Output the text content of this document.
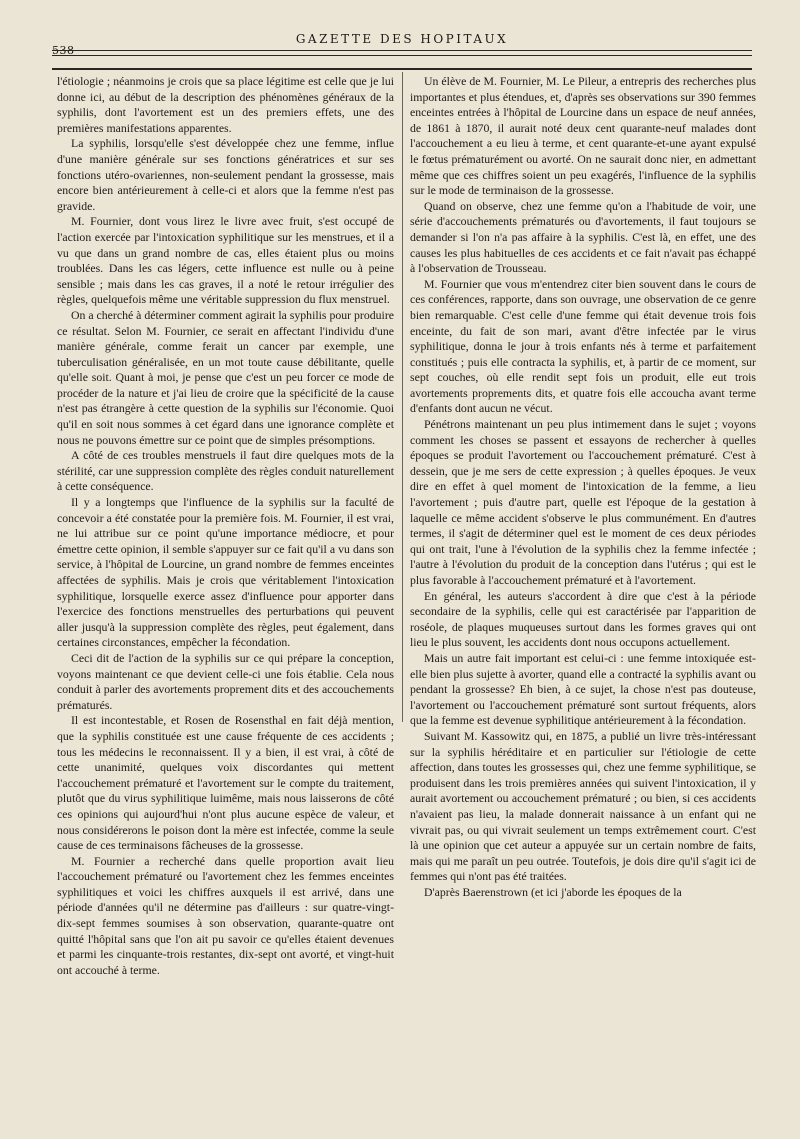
538
GAZETTE DES HOPITAUX

l'étiologie ; néanmoins je crois que sa place légitime est celle que je lui donne ici, au début de la description des phénomènes généraux de la syphilis, dont l'avortement est un des premiers effets, une des premières manifestations apparentes.

La syphilis, lorsqu'elle s'est développée chez une femme, influe d'une manière générale sur ses fonctions génératrices et sur ses fonctions utéro-ovariennes, non-seulement pendant la grossesse, mais encore bien antérieurement à celle-ci et alors que la femme n'est pas gravide.

M. Fournier, dont vous lirez le livre avec fruit, s'est occupé de l'action exercée par l'intoxication syphilitique sur les menstrues, et il a vu que dans un grand nombre de cas, elles étaient plus ou moins troublées. Dans les cas légers, cette influence est nulle ou à peine sensible ; mais dans les cas graves, il a noté le retour irrégulier des règles, quelquefois même une véritable suppression du flux menstruel.

On a cherché à déterminer comment agirait la syphilis pour produire ce résultat. Selon M. Fournier, ce serait en affectant l'individu d'une manière générale, comme ferait un cancer par exemple, une tuberculisation généralisée, en un mot toute cause débilitante, quelle qu'elle soit. Quant à moi, je pense que c'est un peu forcer ce mode de procéder de la nature et j'ai lieu de croire que la spécificité de la cause n'est pas étrangère à cette question de la syphilis sur l'économie. Quoi qu'il en soit nous sommes à cet égard dans une ignorance complète et nous ne pouvons émettre sur ce point que de simples présomptions.

A côté de ces troubles menstruels il faut dire quelques mots de la stérilité, car une suppression complète des règles conduit naturellement à cette conséquence.

Il y a longtemps que l'influence de la syphilis sur la faculté de concevoir a été constatée pour la première fois. M. Fournier, il est vrai, ne lui attribue sur ce point qu'une importance médiocre, et pour émettre cette opinion, il semble s'appuyer sur ce fait qu'il a vu dans son service, à l'hôpital de Lourcine, un grand nombre de femmes enceintes affectées de syphilis. Mais je crois que véritablement l'intoxication syphilitique, lorsquelle exerce assez d'influence pour apporter dans l'exercice des fonctions menstruelles des perturbations qui peuvent aller jusqu'à la suppression complète des règles, peut également, dans certaines circonstances, empêcher la fécondation.

Ceci dit de l'action de la syphilis sur ce qui prépare la conception, voyons maintenant ce que devient celle-ci une fois établie. Cela nous conduit à parler des avortements proprement dits et des accouchements prématurés.

Il est incontestable, et Rosen de Rosensthal en fait déjà mention, que la syphilis constituée est une cause fréquente de ces accidents ; tous les médecins le reconnaissent. Il y a bien, il est vrai, à côté de cette unanimité, quelques voix discordantes qui mettent l'accouchement prématuré et l'avortement sur le compte du traitement, plutôt que du virus syphilitique luimême, mais nous laisserons de côté ces opinions qui aujourd'hui n'ont plus aucune espèce de valeur, et nous considérerons le poison dont la mère est infectée, comme la seule cause de ces terminaisons fâcheuses de la grossesse.

M. Fournier a recherché dans quelle proportion avait lieu l'accouchement prématuré ou l'avortement chez les femmes enceintes syphilitiques et voici les chiffres auxquels il est arrivé, dans une période d'années qu'il ne détermine pas d'ailleurs : sur quatre-vingt-dix-sept femmes soumises à son observation, quarante-quatre ont quitté l'hôpital sans que l'on ait pu savoir ce qu'elles étaient devenues et parmi les cinquante-trois restantes, dix-sept ont avorté, et vingt-huit ont accouché à terme.

Un élève de M. Fournier, M. Le Pileur, a entrepris des recherches plus importantes et plus étendues, et, d'après ses observations sur 390 femmes enceintes entrées à l'hôpital de Lourcine dans un espace de neuf années, de 1861 à 1870, il aurait noté deux cent quarante-neuf malades dont l'accouchement a eu lieu à terme, et cent quarante-et-une ayant expulsé le fœtus prématurément ou avorté. On ne saurait donc nier, en admettant même que ces chiffres soient un peu exagérés, l'influence de la syphilis sur le mode de terminaison de la grossesse.

Quand on observe, chez une femme qu'on a l'habitude de voir, une série d'accouchements prématurés ou d'avortements, il faut toujours se demander si l'on n'a pas affaire à la syphilis. C'est là, en effet, une des causes les plus habituelles de ces accidents et ce fait n'avait pas échappé à l'observation de Trousseau.

M. Fournier que vous m'entendrez citer bien souvent dans le cours de ces conférences, rapporte, dans son ouvrage, une observation de ce genre bien remarquable. C'est celle d'une femme qui était devenue trois fois enceinte, du fait de son mari, avant d'être infectée par le virus syphilitique, donna le jour à trois enfants nés à terme et parfaitement constitués ; puis elle contracta la syphilis, et, à partir de ce moment, sur sept couches, où elle rendit sept fois un produit, elle eut trois avortements proprements dits, et quatre fois elle accoucha avant terme d'enfants dont aucun ne vécut.

Pénétrons maintenant un peu plus intimement dans le sujet ; voyons comment les choses se passent et essayons de rechercher à quelles époques se produit l'avortement ou l'accouchement prématuré. C'est à dessein, que je me sers de cette expression ; à quelles époques. Je veux dire en effet à quel moment de l'intoxication de la femme, a lieu l'avortement ; puis d'autre part, quelle est l'époque de la gestation à laquelle ce même accident s'observe le plus communément. En d'autres termes, il s'agit de déterminer quel est le moment de ces deux périodes qui ont trait, l'une à l'évolution de la syphilis chez la femme infectée ; l'autre à l'évolution du produit de la conception dans l'utérus ; qui est le plus favorable à l'accouchement prématuré et à l'avortement.

En général, les auteurs s'accordent à dire que c'est à la période secondaire de la syphilis, celle qui est caractérisée par l'apparition de roséole, de plaques muqueuses surtout dans les formes graves qui ont lieu le plus souvent, les accidents dont nous occupons actuellement.

Mais un autre fait important est celui-ci : une femme intoxiquée est-elle bien plus sujette à avorter, quand elle a contracté la syphilis avant ou pendant la grossesse? Eh bien, à ce sujet, la chose n'est pas douteuse, l'avortement ou l'accouchement prématuré sont surtout fréquents, alors que la femme est devenue syphilitique antérieurement à la fécondation.

Suivant M. Kassowitz qui, en 1875, a publié un livre très-intéressant sur la syphilis héréditaire et en particulier sur l'étiologie de cette affection, dans toutes les grossesses qui, chez une femme syphilitique, se produisent dans les trois premières années qui suivent l'intoxication, il y aurait avortement ou accouchement prématuré ; ou bien, si ces accidents n'avaient pas lieu, la malade donnerait naissance à un enfant qui ne vivrait pas, ou qui vivrait seulement un temps extrêmement court. C'est là une opinion que cet auteur a appuyée sur un certain nombre de faits, mais qui me paraît un peu outrée. Toutefois, je dois dire qu'il s'agit ici de femmes qui n'ont pas été traitées.

D'après Baerenstrown (et ici j'aborde les époques de la
